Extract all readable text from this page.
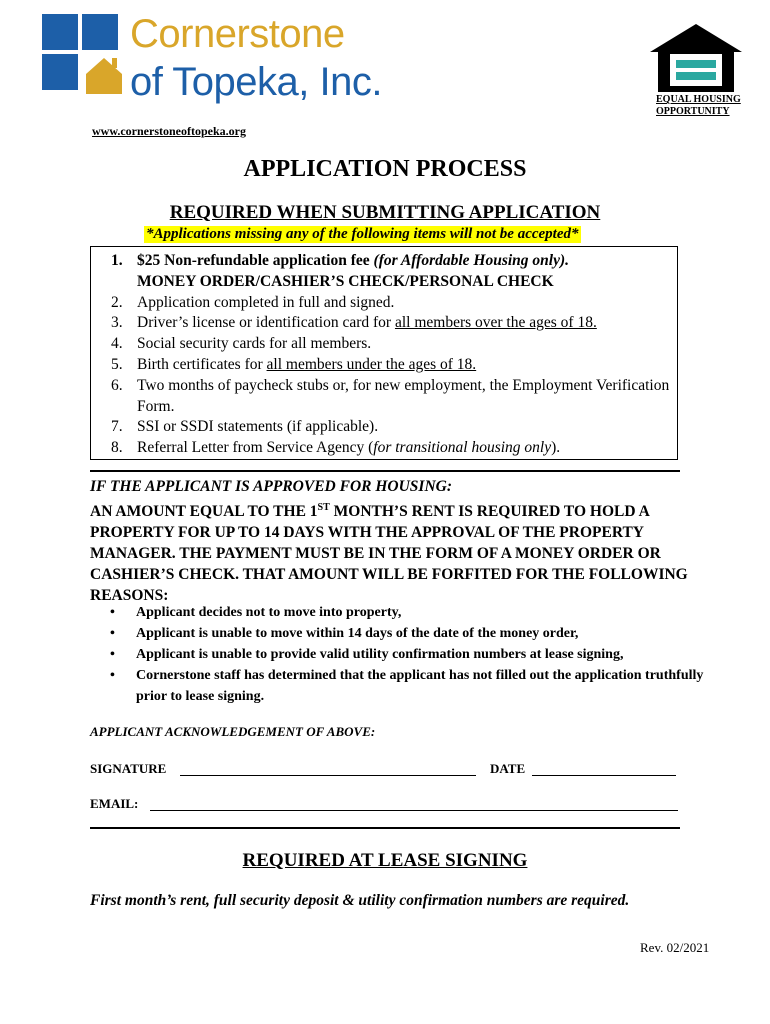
Cornerstone
of Topeka, Inc.
www.cornerstoneoftopeka.org
EQUAL HOUSING
OPPORTUNITY
APPLICATION PROCESS
REQUIRED WHEN SUBMITTING APPLICATION
*Applications missing any of the following items will not be accepted*
1. $25 Non-refundable application fee (for Affordable Housing only).
MONEY ORDER/CASHIER’S CHECK/PERSONAL CHECK
2. Application completed in full and signed.
3. Driver’s license or identification card for all members over the ages of 18.
4. Social security cards for all members.
5. Birth certificates for all members under the ages of 18.
6. Two months of paycheck stubs or, for new employment, the Employment Verification Form.
7. SSI or SSDI statements (if applicable).
8. Referral Letter from Service Agency (for transitional housing only).
IF THE APPLICANT IS APPROVED FOR HOUSING:
AN AMOUNT EQUAL TO THE 1ST MONTH’S RENT IS REQUIRED TO HOLD A PROPERTY FOR UP TO 14 DAYS WITH THE APPROVAL OF THE PROPERTY MANAGER. THE PAYMENT MUST BE IN THE FORM OF A MONEY ORDER OR CASHIER’S CHECK. THAT AMOUNT WILL BE FORFITED FOR THE FOLLOWING REASONS:
• Applicant decides not to move into property,
• Applicant is unable to move within 14 days of the date of the money order,
• Applicant is unable to provide valid utility confirmation numbers at lease signing,
• Cornerstone staff has determined that the applicant has not filled out the application truthfully prior to lease signing.
APPLICANT ACKNOWLEDGEMENT OF ABOVE:
SIGNATURE	DATE
EMAIL:
REQUIRED AT LEASE SIGNING
First month’s rent, full security deposit & utility confirmation numbers are required.
Rev. 02/2021
